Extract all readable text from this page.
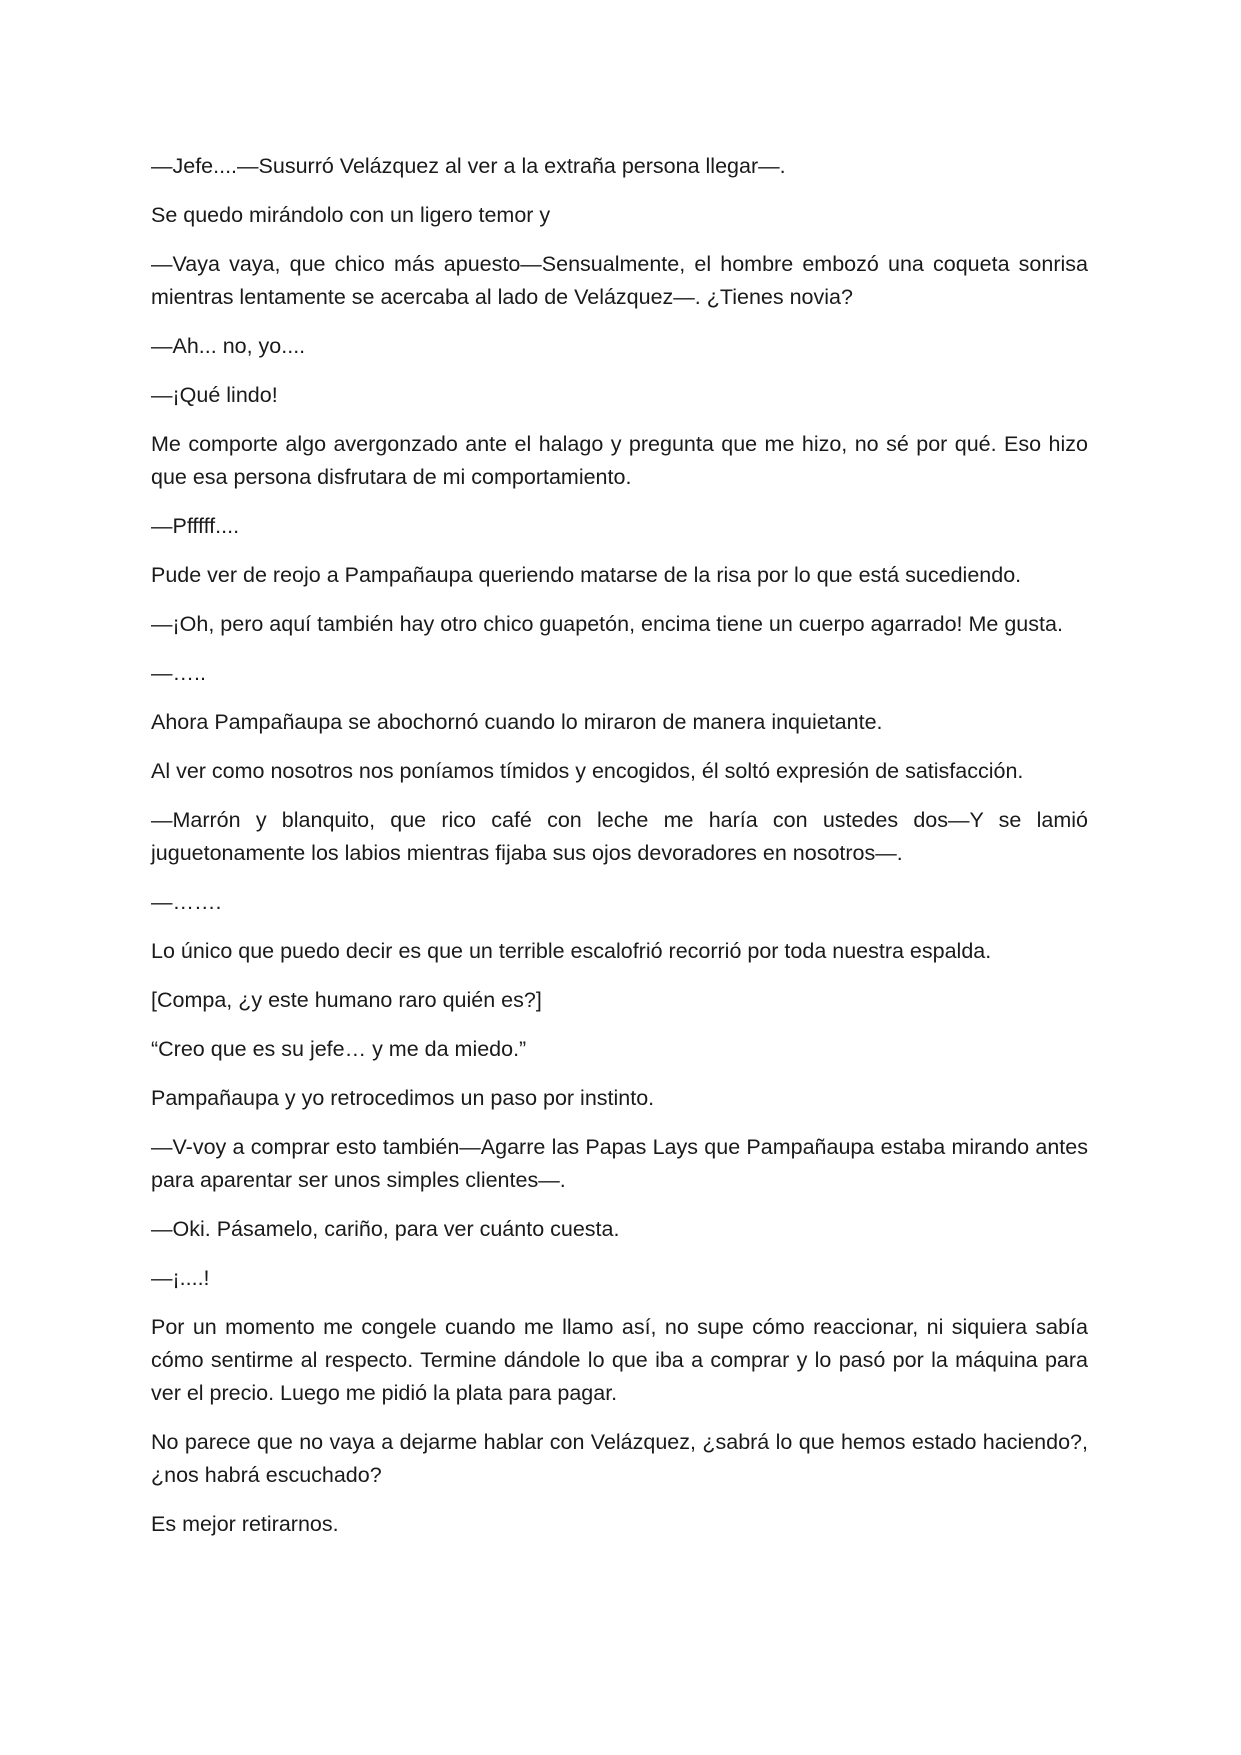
—Jefe....—Susurró Velázquez al ver a la extraña persona llegar—.

Se quedo mirándolo con un ligero temor y

—Vaya vaya, que chico más apuesto—Sensualmente, el hombre embozó una coqueta sonrisa mientras lentamente se acercaba al lado de Velázquez—. ¿Tienes novia?

—Ah... no, yo....

—¡Qué lindo!

Me comporte algo avergonzado ante el halago y pregunta que me hizo, no sé por qué. Eso hizo que esa persona disfrutara de mi comportamiento.

—Pfffff....

Pude ver de reojo a Pampañaupa queriendo matarse de la risa por lo que está sucediendo.

—¡Oh, pero aquí también hay otro chico guapetón, encima tiene un cuerpo agarrado! Me gusta.

—…..

Ahora Pampañaupa se abochornó cuando lo miraron de manera inquietante.

Al ver como nosotros nos poníamos tímidos y encogidos, él soltó expresión de satisfacción.

—Marrón y blanquito, que rico café con leche me haría con ustedes dos—Y se lamió juguetonamente los labios mientras fijaba sus ojos devoradores en nosotros—.

—…….

Lo único que puedo decir es que un terrible escalofrió recorrió por toda nuestra espalda.

[Compa, ¿y este humano raro quién es?]

“Creo que es su jefe… y me da miedo.”

Pampañaupa y yo retrocedimos un paso por instinto.

—V-voy a comprar esto también—Agarre las Papas Lays que Pampañaupa estaba mirando antes para aparentar ser unos simples clientes—.

—Oki. Pásamelo, cariño, para ver cuánto cuesta.

—¡....!

Por un momento me congele cuando me llamo así, no supe cómo reaccionar, ni siquiera sabía cómo sentirme al respecto. Termine dándole lo que iba a comprar y lo pasó por la máquina para ver el precio. Luego me pidió la plata para pagar.

No parece que no vaya a dejarme hablar con Velázquez, ¿sabrá lo que hemos estado haciendo?, ¿nos habrá escuchado?

Es mejor retirarnos.
